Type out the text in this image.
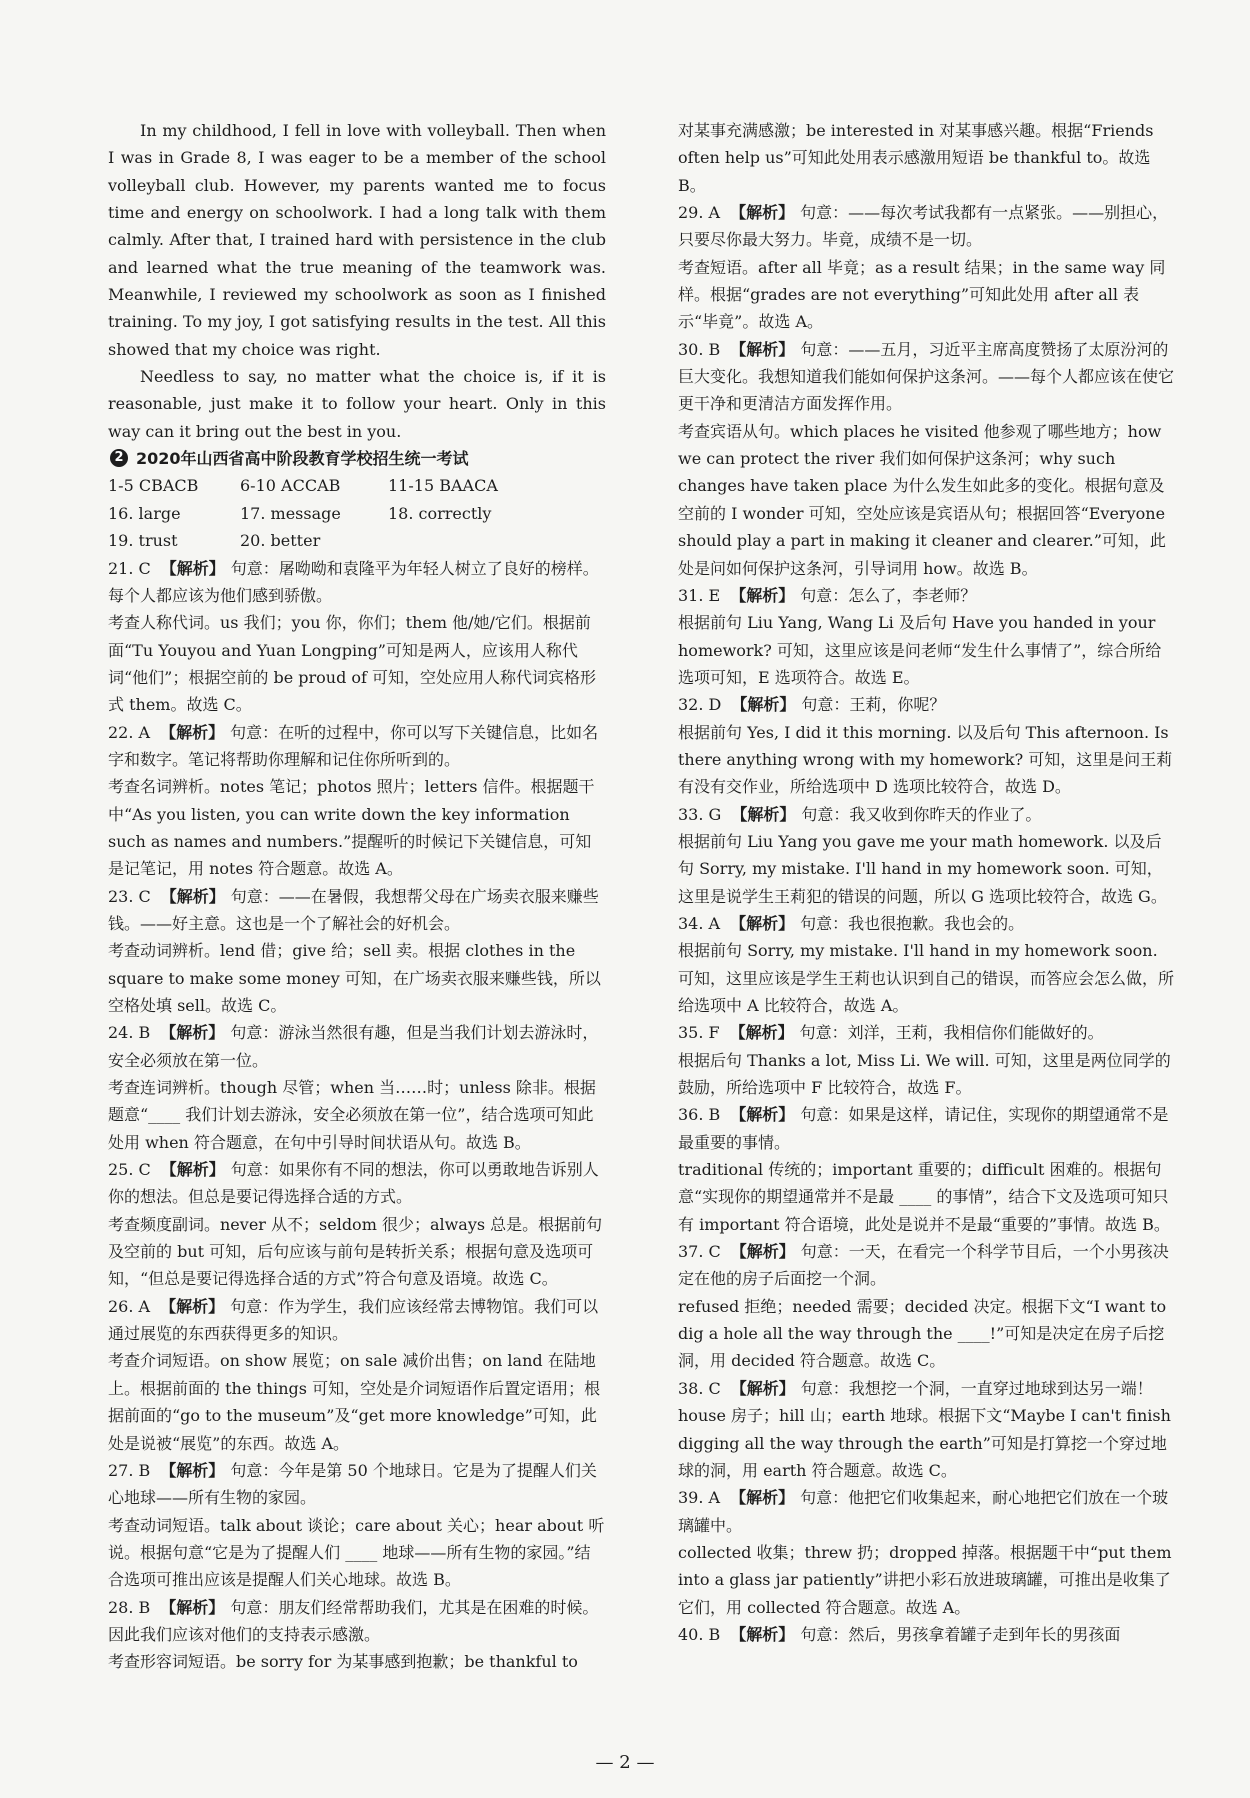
In my childhood, I fell in love with volleyball. Then when I was in Grade 8, I was eager to be a member of the school volleyball club. However, my parents wanted me to focus time and energy on schoolwork. I had a long talk with them calmly. After that, I trained hard with persistence in the club and learned what the true meaning of the teamwork was. Meanwhile, I reviewed my schoolwork as soon as I finished training. To my joy, I got satisfying results in the test. All this showed that my choice was right.

Needless to say, no matter what the choice is, if it is reasonable, just make it to follow your heart. Only in this way can it bring out the best in you.

2 2020年山西省高中阶段教育学校招生统一考试

1-5 CBACB	6-10 ACCAB	11-15 BAACA
16. large	17. message	18. correctly
19. trust	20. better

21. C 【解析】 句意：屠呦呦和袁隆平为年轻人树立了良好的榜样。每个人都应该为他们感到骄傲。

考查人称代词。us 我们；you 你，你们；them 他/她/它们。根据前面“Tu Youyou and Yuan Longping”可知是两人，应该用人称代词“他们”；根据空前的 be proud of 可知，空处应用人称代词宾格形式 them。故选 C。

22. A 【解析】 句意：在听的过程中，你可以写下关键信息，比如名字和数字。笔记将帮助你理解和记住你所听到的。

考查名词辨析。notes 笔记；photos 照片；letters 信件。根据题干中“As you listen, you can write down the key information such as names and numbers.”提醒听的时候记下关键信息，可知是记笔记，用 notes 符合题意。故选 A。

23. C 【解析】 句意：——在暑假，我想帮父母在广场卖衣服来赚些钱。——好主意。这也是一个了解社会的好机会。

考查动词辨析。lend 借；give 给；sell 卖。根据 clothes in the square to make some money 可知，在广场卖衣服来赚些钱，所以空格处填 sell。故选 C。

24. B 【解析】 句意：游泳当然很有趣，但是当我们计划去游泳时，安全必须放在第一位。

考查连词辨析。though 尽管；when 当……时；unless 除非。根据题意“____ 我们计划去游泳，安全必须放在第一位”，结合选项可知此处用 when 符合题意，在句中引导时间状语从句。故选 B。

25. C 【解析】 句意：如果你有不同的想法，你可以勇敢地告诉别人你的想法。但总是要记得选择合适的方式。

考查频度副词。never 从不；seldom 很少；always 总是。根据前句及空前的 but 可知，后句应该与前句是转折关系；根据句意及选项可知，“但总是要记得选择合适的方式”符合句意及语境。故选 C。

26. A 【解析】 句意：作为学生，我们应该经常去博物馆。我们可以通过展览的东西获得更多的知识。

考查介词短语。on show 展览；on sale 减价出售；on land 在陆地上。根据前面的 the things 可知，空处是介词短语作后置定语用；根据前面的“go to the museum”及“get more knowledge”可知，此处是说被“展览”的东西。故选 A。

27. B 【解析】 句意：今年是第 50 个地球日。它是为了提醒人们关心地球——所有生物的家园。

考查动词短语。talk about 谈论；care about 关心；hear about 听说。根据句意“它是为了提醒人们 ____ 地球——所有生物的家园。”结合选项可推出应该是提醒人们关心地球。故选 B。

28. B 【解析】 句意：朋友们经常帮助我们，尤其是在困难的时候。因此我们应该对他们的支持表示感激。

考查形容词短语。be sorry for 为某事感到抱歉；be thankful to

对某事充满感激；be interested in 对某事感兴趣。根据“Friends often help us”可知此处用表示感激用短语 be thankful to。故选 B。

29. A 【解析】 句意：——每次考试我都有一点紧张。——别担心，只要尽你最大努力。毕竟，成绩不是一切。

考查短语。after all 毕竟；as a result 结果；in the same way 同样。根据“grades are not everything”可知此处用 after all 表示“毕竟”。故选 A。

30. B 【解析】 句意：——五月，习近平主席高度赞扬了太原汾河的巨大变化。我想知道我们能如何保护这条河。——每个人都应该在使它更干净和更清洁方面发挥作用。

考查宾语从句。which places he visited 他参观了哪些地方；how we can protect the river 我们如何保护这条河；why such changes have taken place 为什么发生如此多的变化。根据句意及空前的 I wonder 可知，空处应该是宾语从句；根据回答“Everyone should play a part in making it cleaner and clearer.”可知，此处是问如何保护这条河，引导词用 how。故选 B。

31. E 【解析】 句意：怎么了，李老师？

根据前句 Liu Yang, Wang Li 及后句 Have you handed in your homework? 可知，这里应该是问老师“发生什么事情了”，综合所给选项可知，E 选项符合。故选 E。

32. D 【解析】 句意：王莉，你呢？

根据前句 Yes, I did it this morning. 以及后句 This afternoon. Is there anything wrong with my homework? 可知，这里是问王莉有没有交作业，所给选项中 D 选项比较符合，故选 D。

33. G 【解析】 句意：我又收到你昨天的作业了。

根据前句 Liu Yang you gave me your math homework. 以及后句 Sorry, my mistake. I'll hand in my homework soon. 可知，这里是说学生王莉犯的错误的问题，所以 G 选项比较符合，故选 G。

34. A 【解析】 句意：我也很抱歉。我也会的。

根据前句 Sorry, my mistake. I'll hand in my homework soon. 可知，这里应该是学生王莉也认识到自己的错误，而答应会怎么做，所给选项中 A 比较符合，故选 A。

35. F 【解析】 句意：刘洋，王莉，我相信你们能做好的。

根据后句 Thanks a lot, Miss Li. We will. 可知，这里是两位同学的鼓励，所给选项中 F 比较符合，故选 F。

36. B 【解析】 句意：如果是这样，请记住，实现你的期望通常不是最重要的事情。

traditional 传统的；important 重要的；difficult 困难的。根据句意“实现你的期望通常并不是最 ____ 的事情”，结合下文及选项可知只有 important 符合语境，此处是说并不是最“重要的”事情。故选 B。

37. C 【解析】 句意：一天，在看完一个科学节目后，一个小男孩决定在他的房子后面挖一个洞。

refused 拒绝；needed 需要；decided 决定。根据下文“I want to dig a hole all the way through the ____!”可知是决定在房子后挖洞，用 decided 符合题意。故选 C。

38. C 【解析】 句意：我想挖一个洞，一直穿过地球到达另一端！

house 房子；hill 山；earth 地球。根据下文“Maybe I can't finish digging all the way through the earth”可知是打算挖一个穿过地球的洞，用 earth 符合题意。故选 C。

39. A 【解析】 句意：他把它们收集起来，耐心地把它们放在一个玻璃罐中。

collected 收集；threw 扔；dropped 掉落。根据题干中“put them into a glass jar patiently”讲把小彩石放进玻璃罐，可推出是收集了它们，用 collected 符合题意。故选 A。

40. B 【解析】 句意：然后，男孩拿着罐子走到年长的男孩面

— 2 —
